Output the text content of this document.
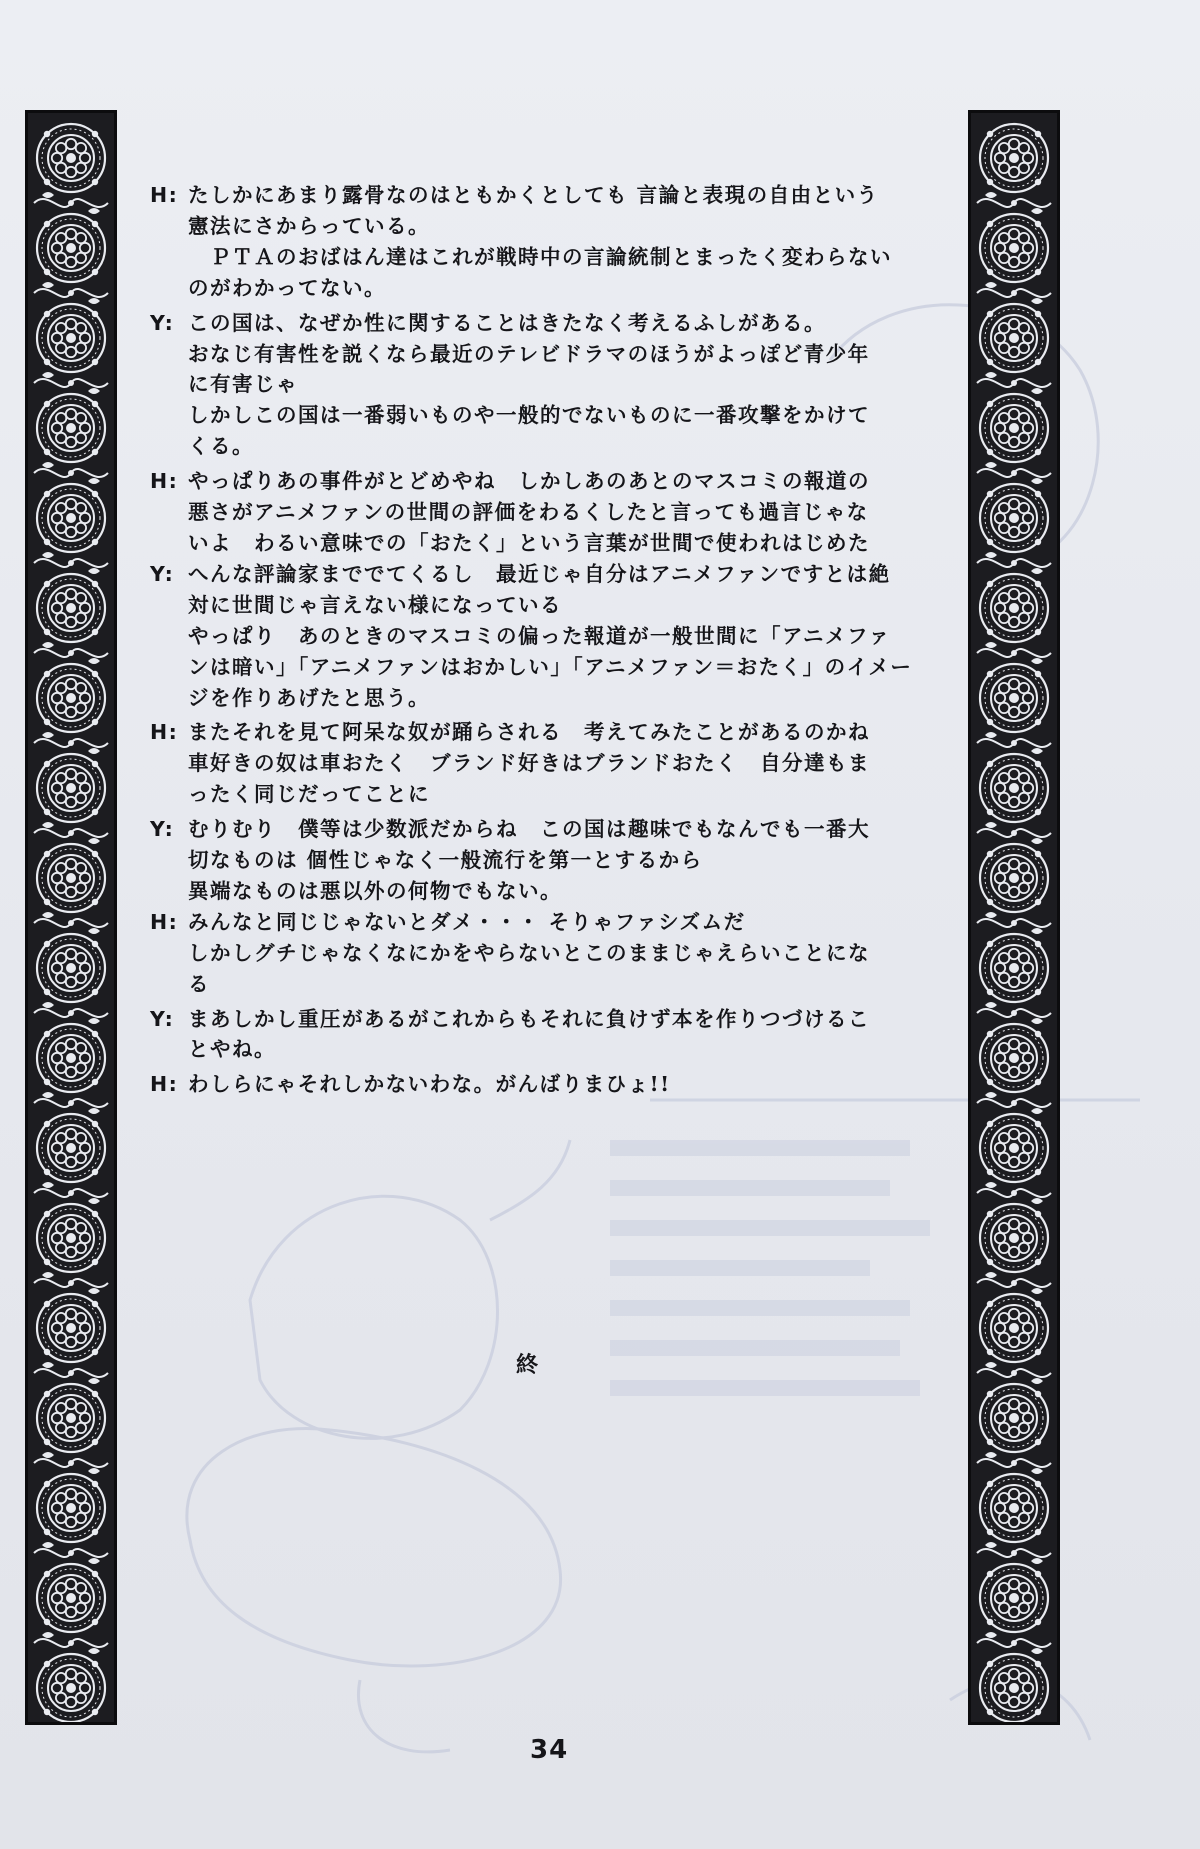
H: たしかにあまり露骨なのはともかくとしても 言論と表現の自由という
憲法にさからっている。
ＰＴＡのおばはん達はこれが戦時中の言論統制とまったく変わらない
のがわかってない。
Y: この国は、なぜか性に関することはきたなく考えるふしがある。
おなじ有害性を説くなら最近のテレビドラマのほうがよっぽど青少年
に有害じゃ
しかしこの国は一番弱いものや一般的でないものに一番攻撃をかけて
くる。
H: やっぱりあの事件がとどめやね　しかしあのあとのマスコミの報道の
悪さがアニメファンの世間の評価をわるくしたと言っても過言じゃな
いよ　わるい意味での「おたく」という言葉が世間で使われはじめた
Y: へんな評論家まででてくるし　最近じゃ自分はアニメファンですとは絶
対に世間じゃ言えない様になっている
やっぱり　あのときのマスコミの偏った報道が一般世間に「アニメファ
ンは暗い」「アニメファンはおかしい」「アニメファン＝おたく」のイメー
ジを作りあげたと思う。
H: またそれを見て阿呆な奴が踊らされる　考えてみたことがあるのかね
車好きの奴は車おたく　ブランド好きはブランドおたく　自分達もま
ったく同じだってことに
Y: むりむり　僕等は少数派だからね　この国は趣味でもなんでも一番大
切なものは 個性じゃなく一般流行を第一とするから
異端なものは悪以外の何物でもない。
H: みんなと同じじゃないとダメ・・・ そりゃファシズムだ
しかしグチじゃなくなにかをやらないとこのままじゃえらいことにな
る
Y: まあしかし重圧があるがこれからもそれに負けず本を作りつづけるこ
とやね。
H: わしらにゃそれしかないわな。がんばりまひょ!!
終
34
